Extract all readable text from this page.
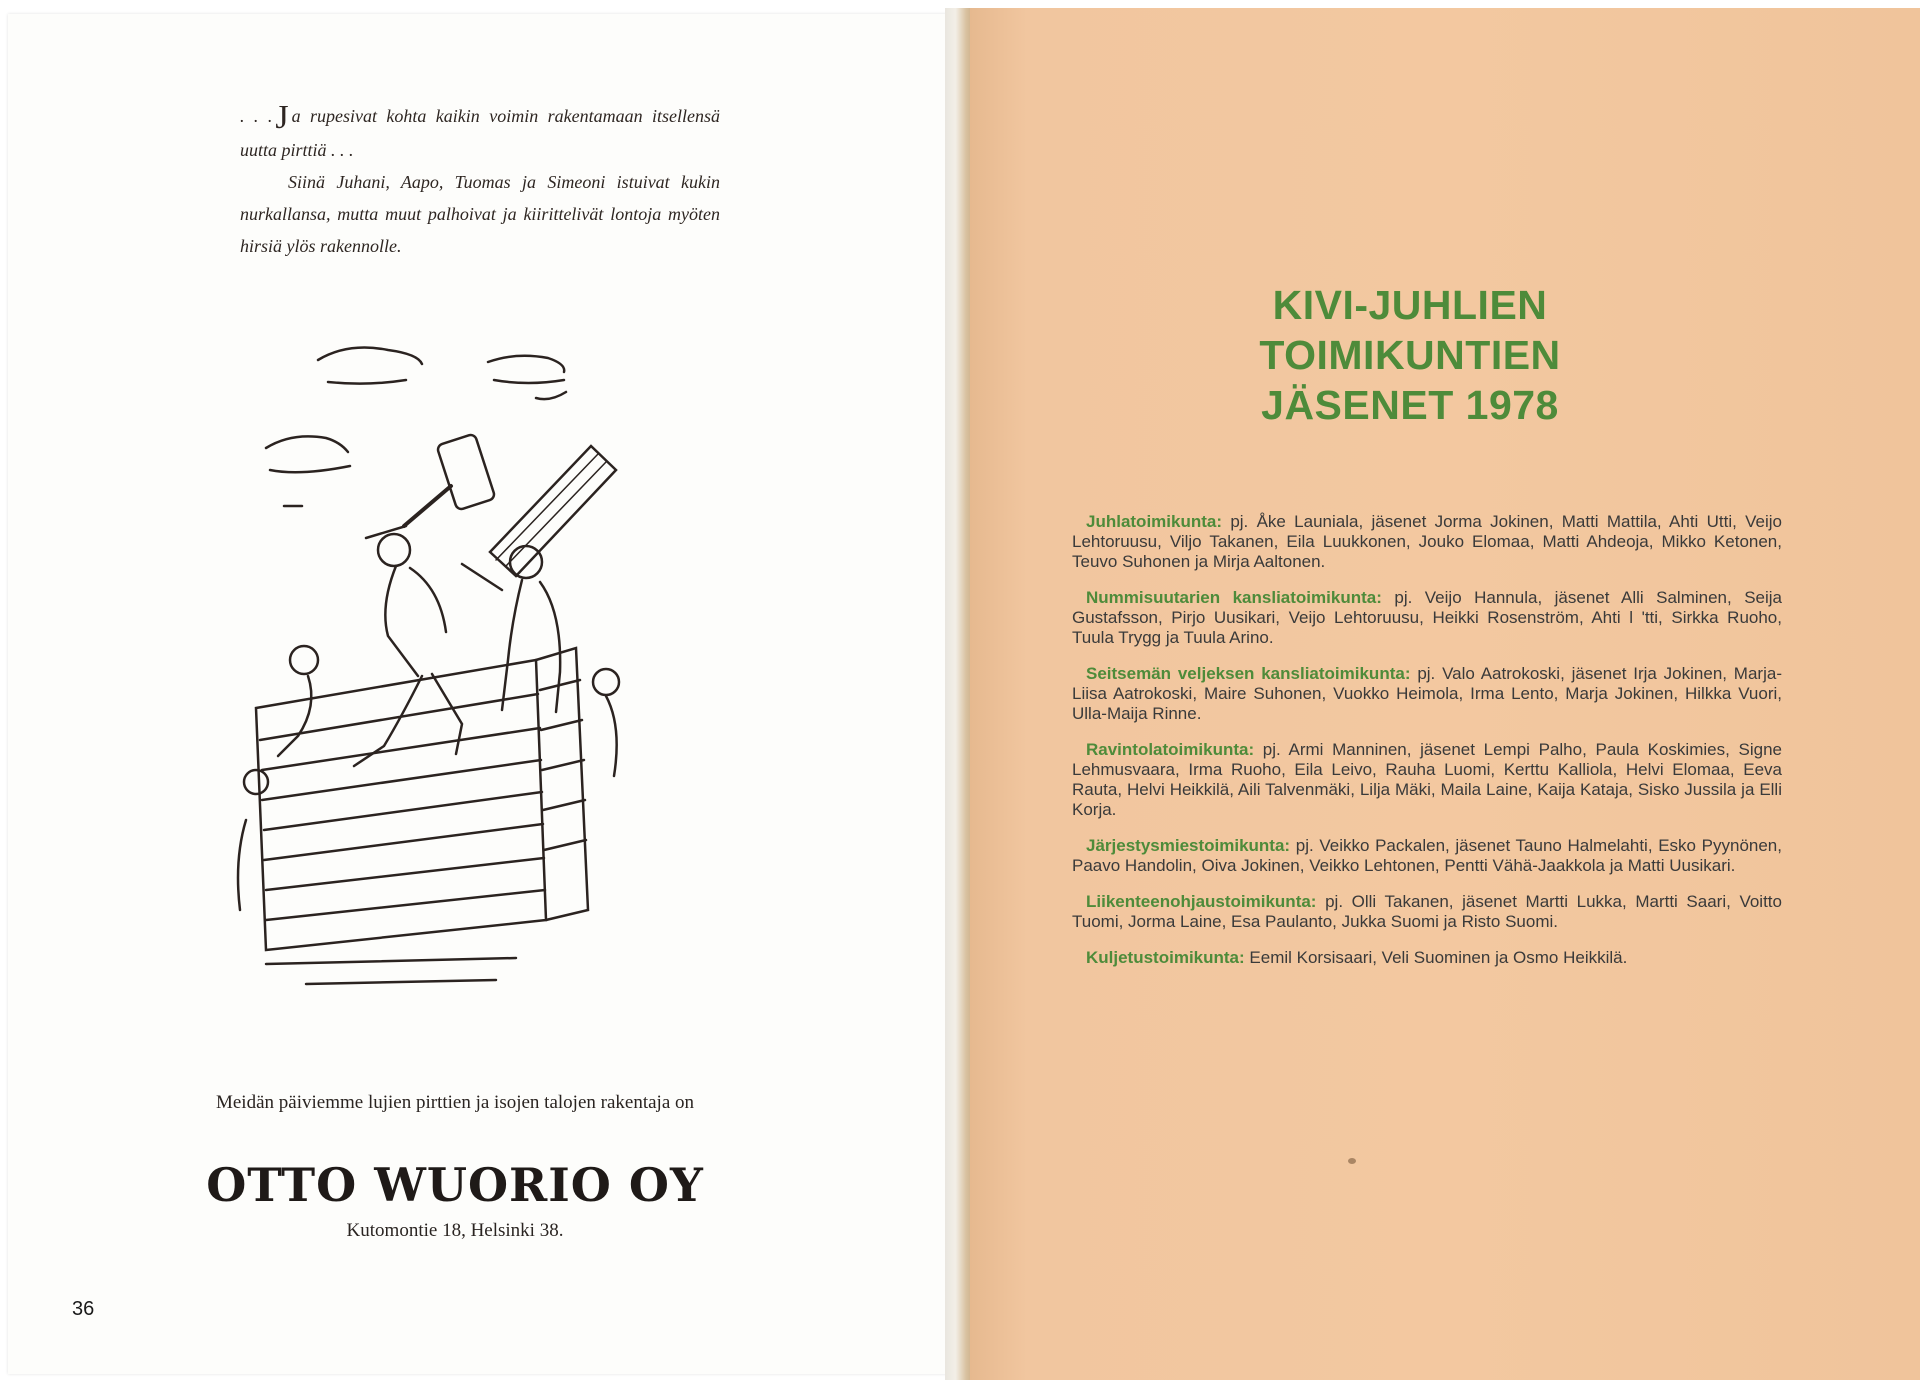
. . .J a rupesivat kohta kaikin voimin rakentamaan itsellensä uutta pirttiä . . .

Siinä Juhani, Aapo, Tuomas ja Simeoni istuivat kukin nurkallansa, mutta muut palhoivat ja kiirittelivät lontoja myöten hirsiä ylös rakennolle.

Meidän päiviemme lujien pirttien ja isojen talojen rakentaja on
OTTO WUORIO OY
Kutomontie 18, Helsinki 38.
36
KIVI-JUHLIEN
TOIMIKUNTIEN
JÄSENET 1978

Juhlatoimikunta: pj. Åke Launiala, jäsenet Jorma Jokinen, Matti Mattila, Ahti Utti, Veijo Lehtoruusu, Viljo Takanen, Eila Luukkonen, Jouko Elomaa, Matti Ahdeoja, Mikko Ketonen, Teuvo Suhonen ja Mirja Aaltonen.

Nummisuutarien kansliatoimikunta: pj. Veijo Hannula, jäsenet Alli Salminen, Seija Gustafsson, Pirjo Uusikari, Veijo Lehtoruusu, Heikki Rosenström, Ahti l 'tti, Sirkka Ruoho, Tuula Trygg ja Tuula Arino.

Seitsemän veljeksen kansliatoimikunta: pj. Valo Aatrokoski, jäsenet Irja Jokinen, Marja-Liisa Aatrokoski, Maire Suhonen, Vuokko Heimola, Irma Lento, Marja Jokinen, Hilkka Vuori, Ulla-Maija Rinne.

Ravintolatoimikunta: pj. Armi Manninen, jäsenet Lempi Palho, Paula Koskimies, Signe Lehmusvaara, Irma Ruoho, Eila Leivo, Rauha Luomi, Kerttu Kalliola, Helvi Elomaa, Eeva Rauta, Helvi Heikkilä, Aili Talvenmäki, Lilja Mäki, Maila Laine, Kaija Kataja, Sisko Jussila ja Elli Korja.

Järjestysmiestoimikunta: pj. Veikko Packalen, jäsenet Tauno Halmelahti, Esko Pyynönen, Paavo Handolin, Oiva Jokinen, Veikko Lehtonen, Pentti Vähä-Jaakkola ja Matti Uusikari.

Liikenteenohjaustoimikunta: pj. Olli Takanen, jäsenet Martti Lukka, Martti Saari, Voitto Tuomi, Jorma Laine, Esa Paulanto, Jukka Suomi ja Risto Suomi.

Kuljetustoimikunta: Eemil Korsisaari, Veli Suominen ja Osmo Heikkilä.
